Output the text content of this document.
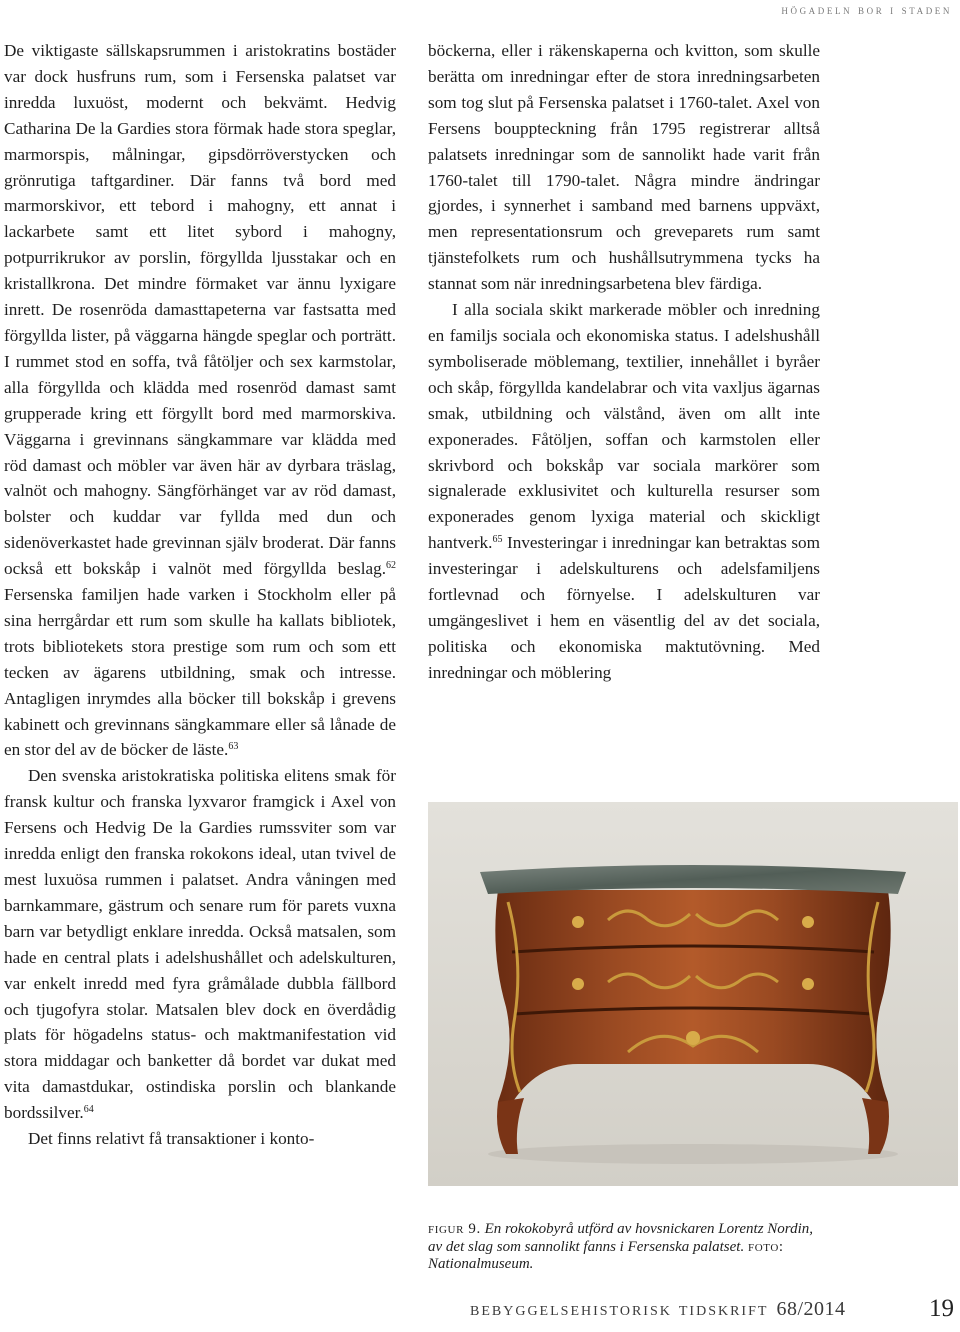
högadeln bor i staden

De viktigaste sällskapsrummen i aristokratins bostäder var dock husfruns rum, som i Fersenska palatset var inredda luxuöst, modernt och bekvämt. Hedvig Catharina De la Gardies stora förmak hade stora speglar, marmorspis, målningar, gipsdörröverstycken och grönrutiga taftgardiner. Där fanns två bord med marmorskivor, ett tebord i mahogny, ett annat i lackarbete samt ett litet sybord i mahogny, potpurrikrukor av porslin, förgyllda ljusstakar och en kristallkrona. Det mindre förmaket var ännu lyxigare inrett. De rosenröda damasttapeterna var fastsatta med förgyllda lister, på väggarna hängde speglar och porträtt. I rummet stod en soffa, två fåtöljer och sex karmstolar, alla förgyllda och klädda med rosenröd damast samt grupperade kring ett förgyllt bord med marmorskiva. Väggarna i grevinnans sängkammare var klädda med röd damast och möbler var även här av dyrbara träslag, valnöt och mahogny. Sängförhänget var av röd damast, bolster och kuddar var fyllda med dun och sidenöverkastet hade grevinnan själv broderat. Där fanns också ett bokskåp i valnöt med förgyllda beslag.$^{62}$ Fersenska familjen hade varken i Stockholm eller på sina herrgårdar ett rum som skulle ha kallats bibliotek, trots bibliotekets stora prestige som rum och som ett tecken av ägarens utbildning, smak och intresse. Antagligen inrymdes alla böcker till bokskåp i grevens kabinett och grevinnans sängkammare eller så lånade de en stor del av de böcker de läste.$^{63}$

Den svenska aristokratiska politiska elitens smak för fransk kultur och franska lyxvaror framgick i Axel von Fersens och Hedvig De la Gardies rumssviter som var inredda enligt den franska rokokons ideal, utan tvivel de mest luxuösa rummen i palatset. Andra våningen med barnkammare, gästrum och senare rum för parets vuxna barn var betydligt enklare inredda. Också matsalen, som hade en central plats i adelshushållet och adelskulturen, var enkelt inredd med fyra gråmålade dubbla fällbord och tjugofyra stolar. Matsalen blev dock en överdådig plats för högadelns status- och maktmanifestation vid stora middagar och banketter då bordet var dukat med vita damastdukar, ostindiska porslin och blankande bordssilver.$^{64}$

Det finns relativt få transaktioner i konto-

böckerna, eller i räkenskaperna och kvitton, som skulle berätta om inredningar efter de stora inredningsarbeten som tog slut på Fersenska palatset i 1760-talet. Axel von Fersens bouppteckning från 1795 registrerar alltså palatsets inredningar som de sannolikt hade varit från 1760-talet till 1790-talet. Några mindre ändringar gjordes, i synnerhet i samband med barnens uppväxt, men representationsrum och greveparets rum samt tjänstefolkets rum och hushållsutrymmena tycks ha stannat som när inredningsarbetena blev färdiga.

I alla sociala skikt markerade möbler och inredning en familjs sociala och ekonomiska status. I adelshushåll symboliserade möblemang, textilier, innehållet i byråer och skåp, förgyllda kandelabrar och vita vaxljus ägarnas smak, utbildning och välstånd, även om allt inte exponerades. Fåtöljen, soffan och karmstolen eller skrivbord och bokskåp var sociala markörer som signalerade exklusivitet och kulturella resurser som exponerades genom lyxiga material och skickligt hantverk.$^{65}$ Investeringar i inredningar kan betraktas som investeringar i adelskulturens och adelsfamiljens fortlevnad och förnyelse. I adelskulturen var umgängeslivet i hem en väsentlig del av det sociala, politiska och ekonomiska maktutövning. Med inredningar och möblering

figur 9. En rokokobyrå utförd av hovsnickaren Lorentz Nordin, av det slag som sannolikt fanns i Fersenska palatset. foto: Nationalmuseum.
bebyggelsehistorisk tidskrift 68/2014	19
